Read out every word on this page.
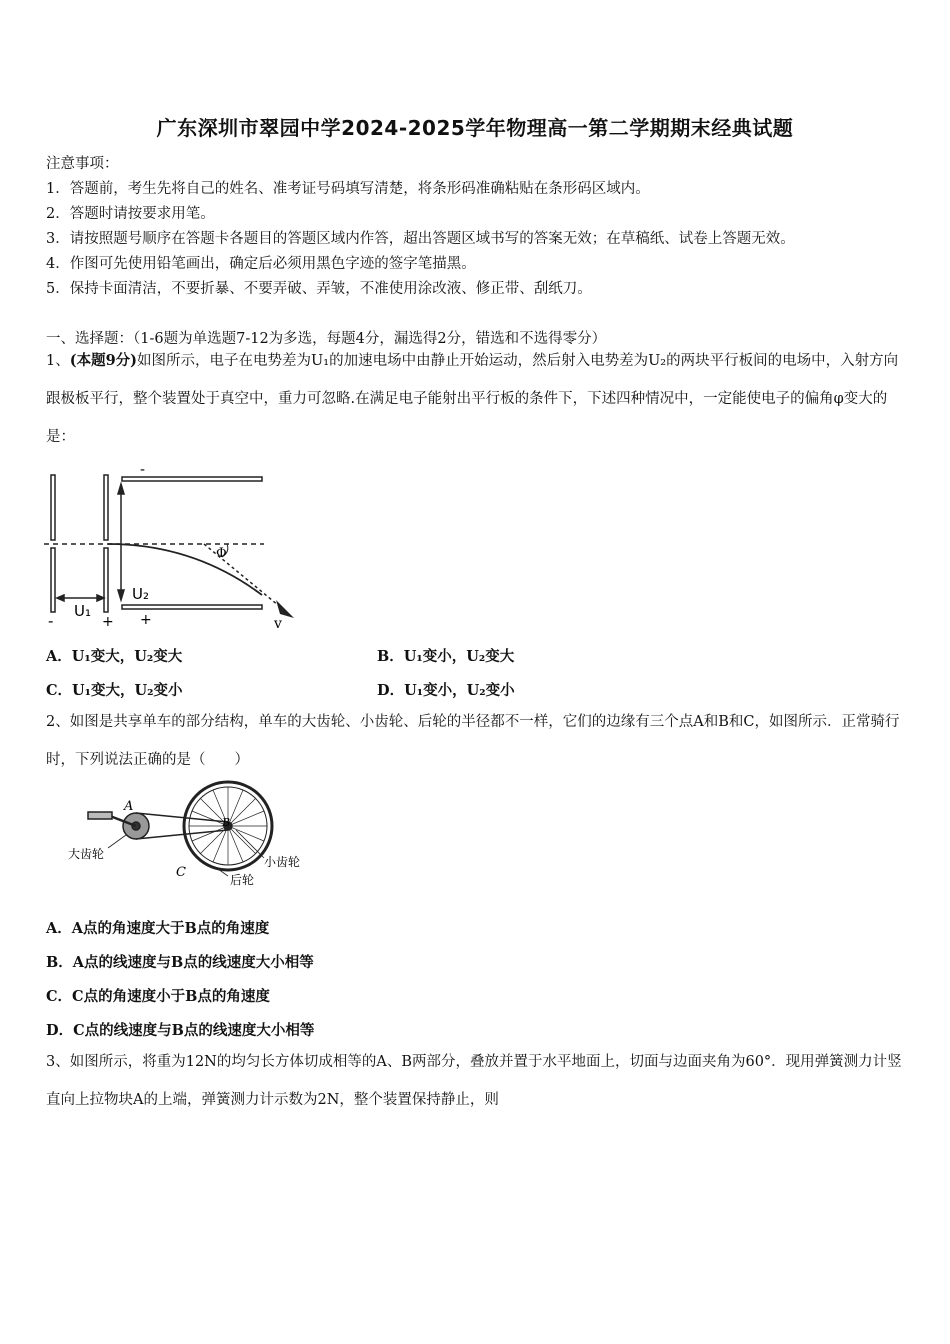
广东深圳市翠园中学2024-2025学年物理高一第二学期期末经典试题
注意事项：
1．答题前，考生先将自己的姓名、准考证号码填写清楚，将条形码准确粘贴在条形码区域内。
2．答题时请按要求用笔。
3．请按照题号顺序在答题卡各题目的答题区域内作答，超出答题区域书写的答案无效；在草稿纸、试卷上答题无效。
4．作图可先使用铅笔画出，确定后必须用黑色字迹的签字笔描黑。
5．保持卡面清洁，不要折暴、不要弄破、弄皱，不准使用涂改液、修正带、刮纸刀。
一、选择题：（1-6题为单选题7-12为多选，每题4分，漏选得2分，错选和不选得零分）
1、(本题9分)如图所示，电子在电势差为U₁的加速电场中由静止开始运动，然后射入电势差为U₂的两块平行板间的电场中，入射方向跟极板平行，整个装置处于真空中，重力可忽略.在满足电子能射出平行板的条件下，下述四种情况中，一定能使电子的偏角φ变大的是：
-
Φ
U₂
U₁
-	+ +	v
A．U₁变大，U₂变大	B．U₁变小，U₂变大
C．U₁变大，U₂变小	D．U₁变小，U₂变小
2、如图是共享单车的部分结构，单车的大齿轮、小齿轮、后轮的半径都不一样，它们的边缘有三个点A和B和C，如图所示．正常骑行时，下列说法正确的是（　　）
A
B
C
大齿轮
小齿轮
后轮
A．A点的角速度大于B点的角速度
B．A点的线速度与B点的线速度大小相等
C．C点的角速度小于B点的角速度
D．C点的线速度与B点的线速度大小相等
3、如图所示，将重为12N的均匀长方体切成相等的A、B两部分，叠放并置于水平地面上，切面与边面夹角为60°．现用弹簧测力计竖直向上拉物块A的上端，弹簧测力计示数为2N，整个装置保持静止，则
